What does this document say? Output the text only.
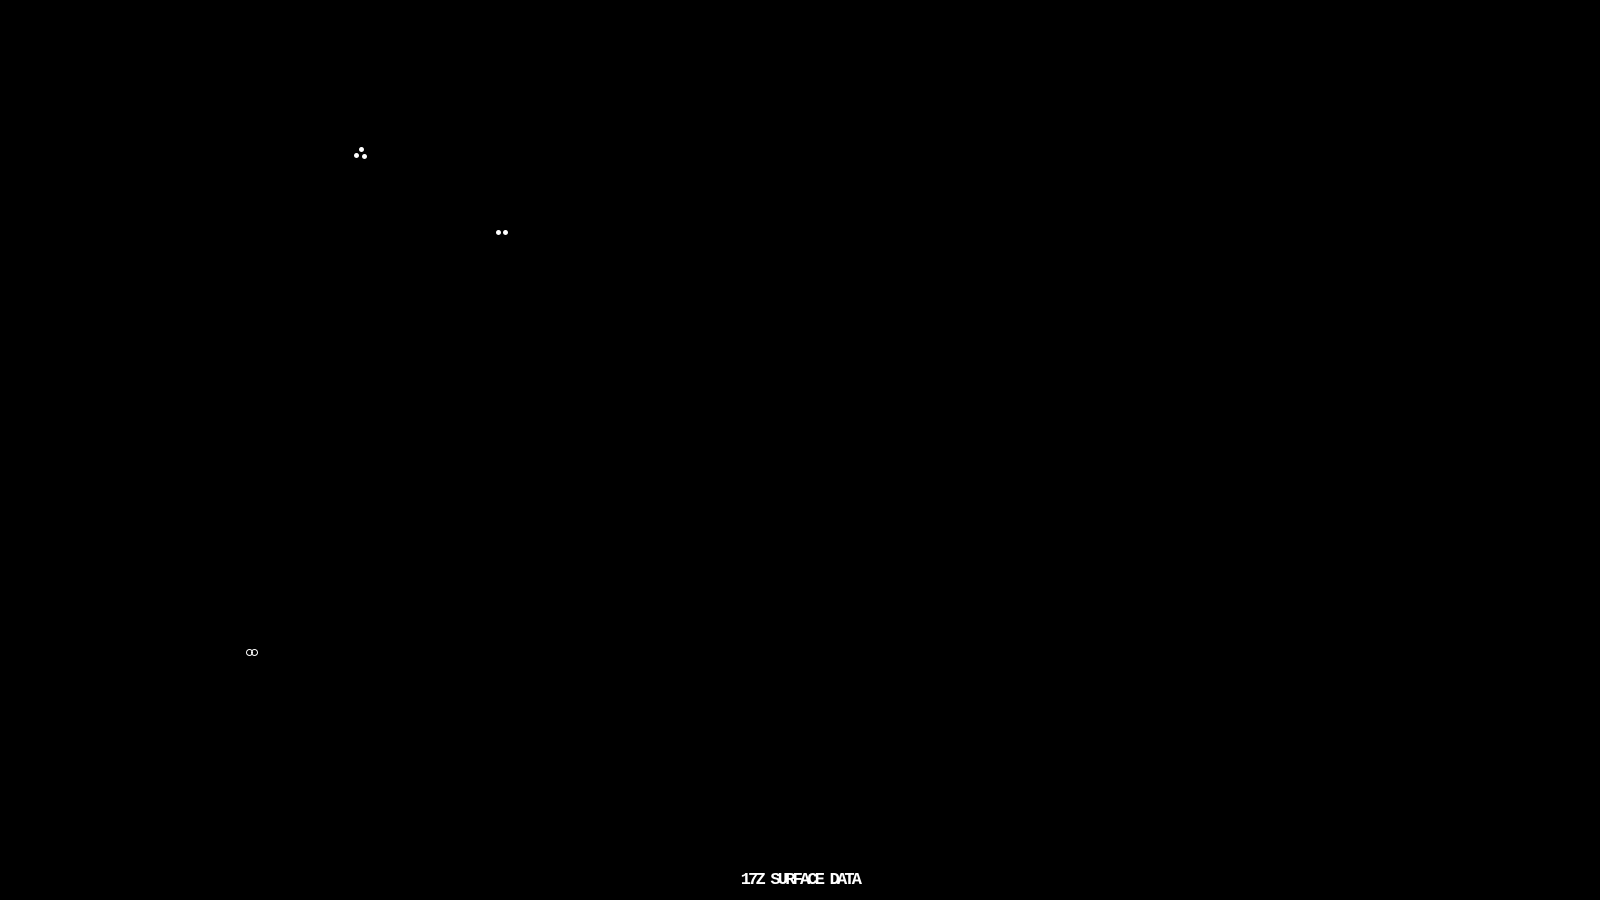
17Z SURFACE DATA
